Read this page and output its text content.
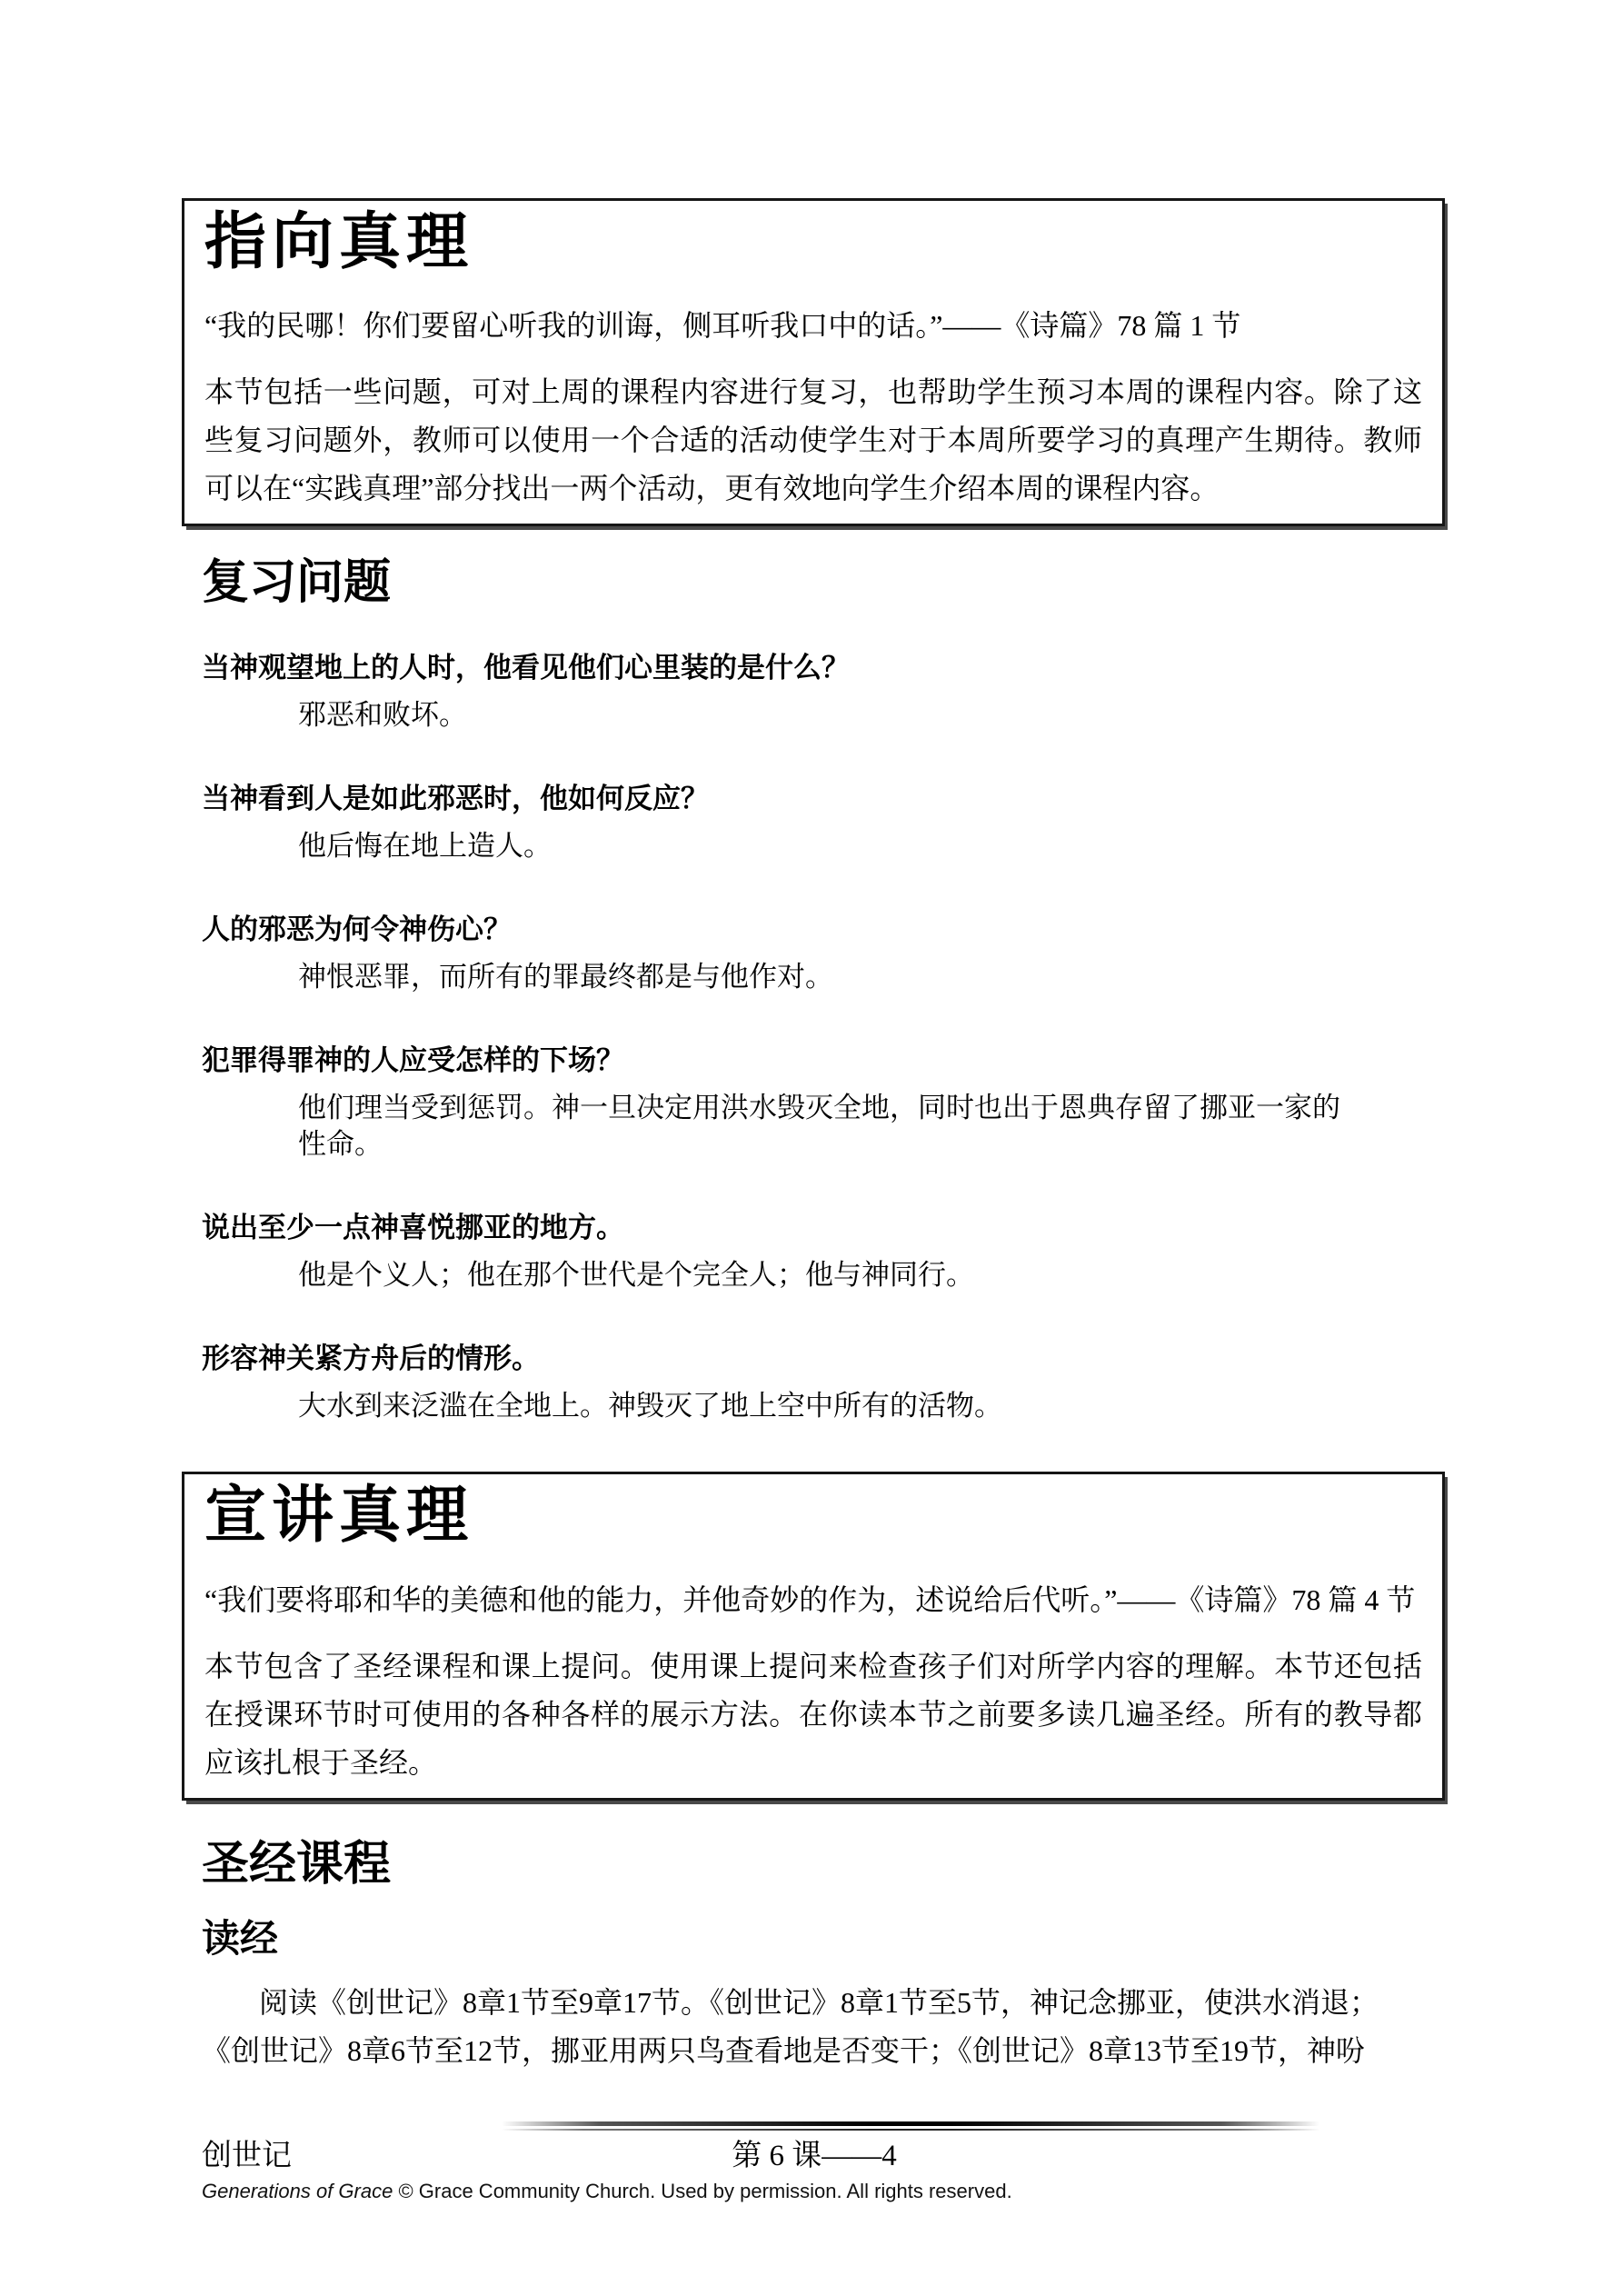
指向真理

“我的民哪！你们要留心听我的训诲，侧耳听我口中的话。”——《诗篇》78 篇 1 节

本节包括一些问题，可对上周的课程内容进行复习，也帮助学生预习本周的课程内容。除了这些复习问题外，教师可以使用一个合适的活动使学生对于本周所要学习的真理产生期待。教师可以在“实践真理”部分找出一两个活动，更有效地向学生介绍本周的课程内容。

复习问题

当神观望地上的人时，他看见他们心里装的是什么？

邪恶和败坏。

当神看到人是如此邪恶时，他如何反应？

他后悔在地上造人。

人的邪恶为何令神伤心？

神恨恶罪，而所有的罪最终都是与他作对。

犯罪得罪神的人应受怎样的下场？

他们理当受到惩罚。神一旦决定用洪水毁灭全地，同时也出于恩典存留了挪亚一家的性命。

说出至少一点神喜悦挪亚的地方。

他是个义人；他在那个世代是个完全人；他与神同行。

形容神关紧方舟后的情形。

大水到来泛滥在全地上。神毁灭了地上空中所有的活物。

宣讲真理

“我们要将耶和华的美德和他的能力，并他奇妙的作为，述说给后代听。”——《诗篇》78 篇 4 节

本节包含了圣经课程和课上提问。使用课上提问来检查孩子们对所学内容的理解。本节还包括在授课环节时可使用的各种各样的展示方法。在你读本节之前要多读几遍圣经。所有的教导都应该扎根于圣经。

圣经课程
读经
阅读《创世记》8章1节至9章17节。《创世记》8章1节至5节，神记念挪亚，使洪水消退；
《创世记》8章6节至12节，挪亚用两只鸟查看地是否变干；《创世记》8章13节至19节，神吩
创世记	第 6 课——4
Generations of Grace © Grace Community Church. Used by permission. All rights reserved.
